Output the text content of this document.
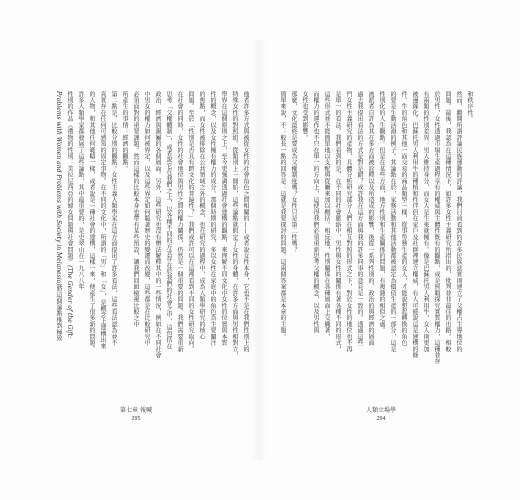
和秩序性。
然而，繼開所謂評論民族運動的評論，我們目前看到的許多民族誌實則建立了父權占主導地位的
問題。最後，我認為在這種情況下，如許多女性主義研究所指出的，批判並非最佳的出路。相較
於男性，女性透過市場生產過程享有的權威與主體性既有的觀點，或是無暇探究實質權力，這種並存
有兩類的性別差異：男人維持身分，而女人是生來就擁有。像是巴蘇托男人利用牛，女人則更加
被邊緣化。巴蘇托男人利用牛的種植和性伴侶在家戶及社群裡建立權威，有人可能說這是建構的條
件。牛的角色和其他一面交易的商品類型一樣，從事勞務生產的女人，才能說想起轉換的角色
的要是生動活潑的例子。其論點在於，家務活動和其他活動都被認定為價值生產的一部分，這是
性別化的人生觀點。但是在某些方面，地方性別和生產關係的問題，有複雜的相似之處。
流派者自許為其在多方面被詮釋以及所造成的影響，後從一系列性別的、政治的與經濟的層面
過去我提出看法的方式是對是錯？或許我在這方面與我的許多同事的意見是一致的。透過這些
門女性主義研究的產物，具體分析研究部分人們在相互對照的形式之下，對於女性的地位也不再
是單一的看法。我們看到的是，在不同的社會脈絡中，男性與女性的關係有著各種不同的形式，
這些形式並不能簡單地以支配與從屬來加以概括。相反地，性別關係在各種層面上交織著，
而權力的運作也不只在單一的方向上，這使得我們必須重新思考父權的概念，以及男性與
女性也受到影響。
那麼，文化最終是要成為父權制度嗎？女性只是第二性嗎？
簡單來說，不：較長一點的回答是：這就是我要探討的問題。這兩個答案都是本章的主題。
人類立場學
294
他者許多方式與被從女性的社會角色之間相關的——或者說女性本身，它也不是在我們性別上的
特殊女性的對照組。從類別上一開始，這些論點就假定了女性的身體，在許多方面與男性相對立，
學界在這個原則之上，至今更強調透過社會建構的觀點，來理解不同文化中女性的位置與本質
性的概念，以及女性擁有權力的成分。那個時期的研究，多以女性在家庭中的角色為主要關注
的焦點，而女性被排除在公共領域之外的概念，也在研究的過程中，成為人類學研究的核心
問題。至於「性別是否具有跨文化的普遍性？」我們或許可以在這裡看到不同的女性研究取向。
在社會的同時，女性的社會地位與男性之間的權力關係，仍然是一個重要的問題。我們需要重新
思考「父權體制」，或者說它在我們之上，以各種不同的方式存在於我們的社會之中，這包括在
政治、經濟與親屬的各個層面。另外，這些研究也沒有辦法解釋其中的一些情況，例如在不同社會
中男女的權力如何被界定，以及這些界定如何隨著歷史的變遷而改變，這些都是在比較研究中
必須面對的重要課題。然而這樣的比較本身也帶有某些預設，讓我們回頭檢視比較之中
所產生的事情：經濟的觀點。
第二點是，比較分別的觀點。女性主義人類學家在這方面提出了許多看法，這些看法認為並不
真實存在任何可感知的固定事物。在不同的文化中，所謂的「男」和「女」，是概念上建構出來
的人物，和其他任何範疇一樣，或者說是一種社會的建構，這樣一來，便產生了很多新的問題。
許多人類學家都發展了這些論點，其中最重要的，是史翠山在一九八八年
性別的作品《禮物的性別：美拉尼西亞的婦女問題與社會問題》(The Gender of the Gift:
Problems with Women and Problems with Society in Melanesia)將這個論點推到極致
第七章 報喊
295
